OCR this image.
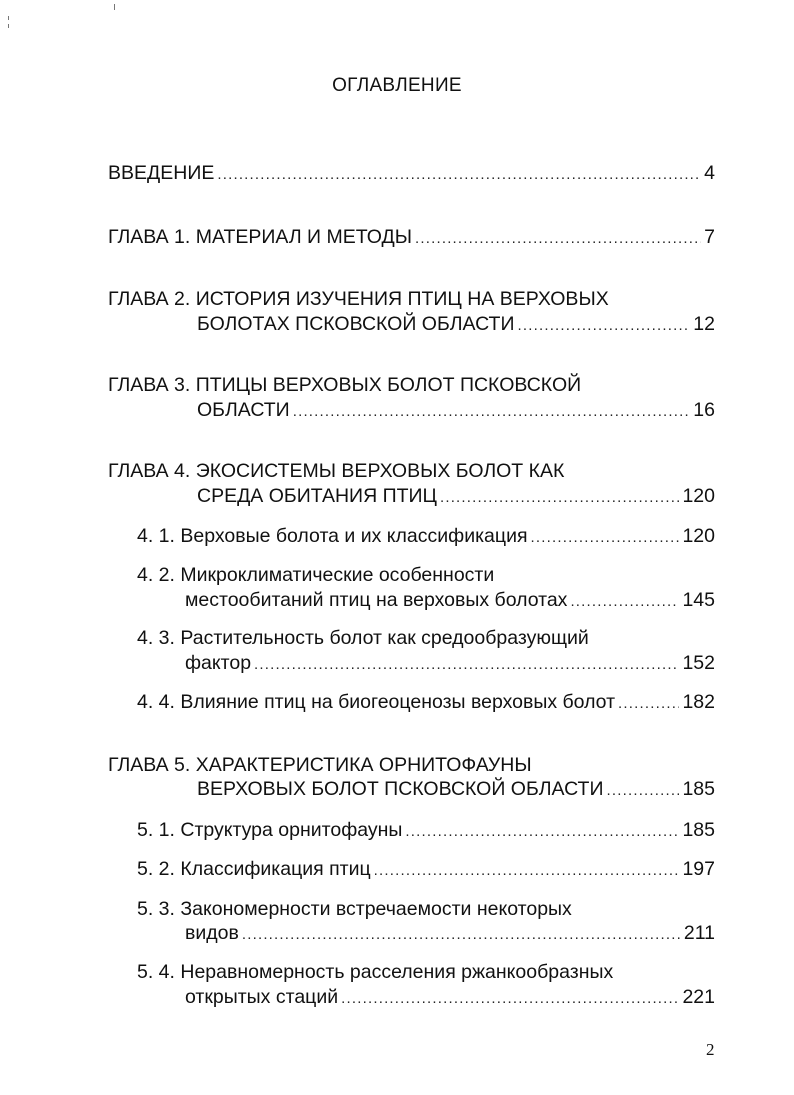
ОГЛАВЛЕНИЕ
ВВЕДЕНИЕ .....	4
ГЛАВА 1. МАТЕРИАЛ И МЕТОДЫ .....	7
ГЛАВА 2. ИСТОРИЯ ИЗУЧЕНИЯ ПТИЦ НА ВЕРХОВЫХ
БОЛОТАХ ПСКОВСКОЙ ОБЛАСТИ .....	12
ГЛАВА 3. ПТИЦЫ ВЕРХОВЫХ БОЛОТ ПСКОВСКОЙ
ОБЛАСТИ .....	16
ГЛАВА 4. ЭКОСИСТЕМЫ ВЕРХОВЫХ БОЛОТ КАК
СРЕДА ОБИТАНИЯ ПТИЦ .....	120
4. 1. Верховые болота и их классификация .....	120
4. 2. Микроклиматические особенности
местообитаний птиц на верховых болотах .....	145
4. 3. Растительность болот как средообразующий
фактор .....	152
4. 4. Влияние птиц на биогеоценозы верховых болот .....	182
ГЛАВА 5. ХАРАКТЕРИСТИКА ОРНИТОФАУНЫ
ВЕРХОВЫХ БОЛОТ ПСКОВСКОЙ ОБЛАСТИ .....	185
5. 1. Структура орнитофауны .....	185
5. 2. Классификация птиц .....	197
5. 3. Закономерности встречаемости некоторых
видов .....	211
5. 4. Неравномерность расселения ржанкообразных
открытых стаций .....	221
2
